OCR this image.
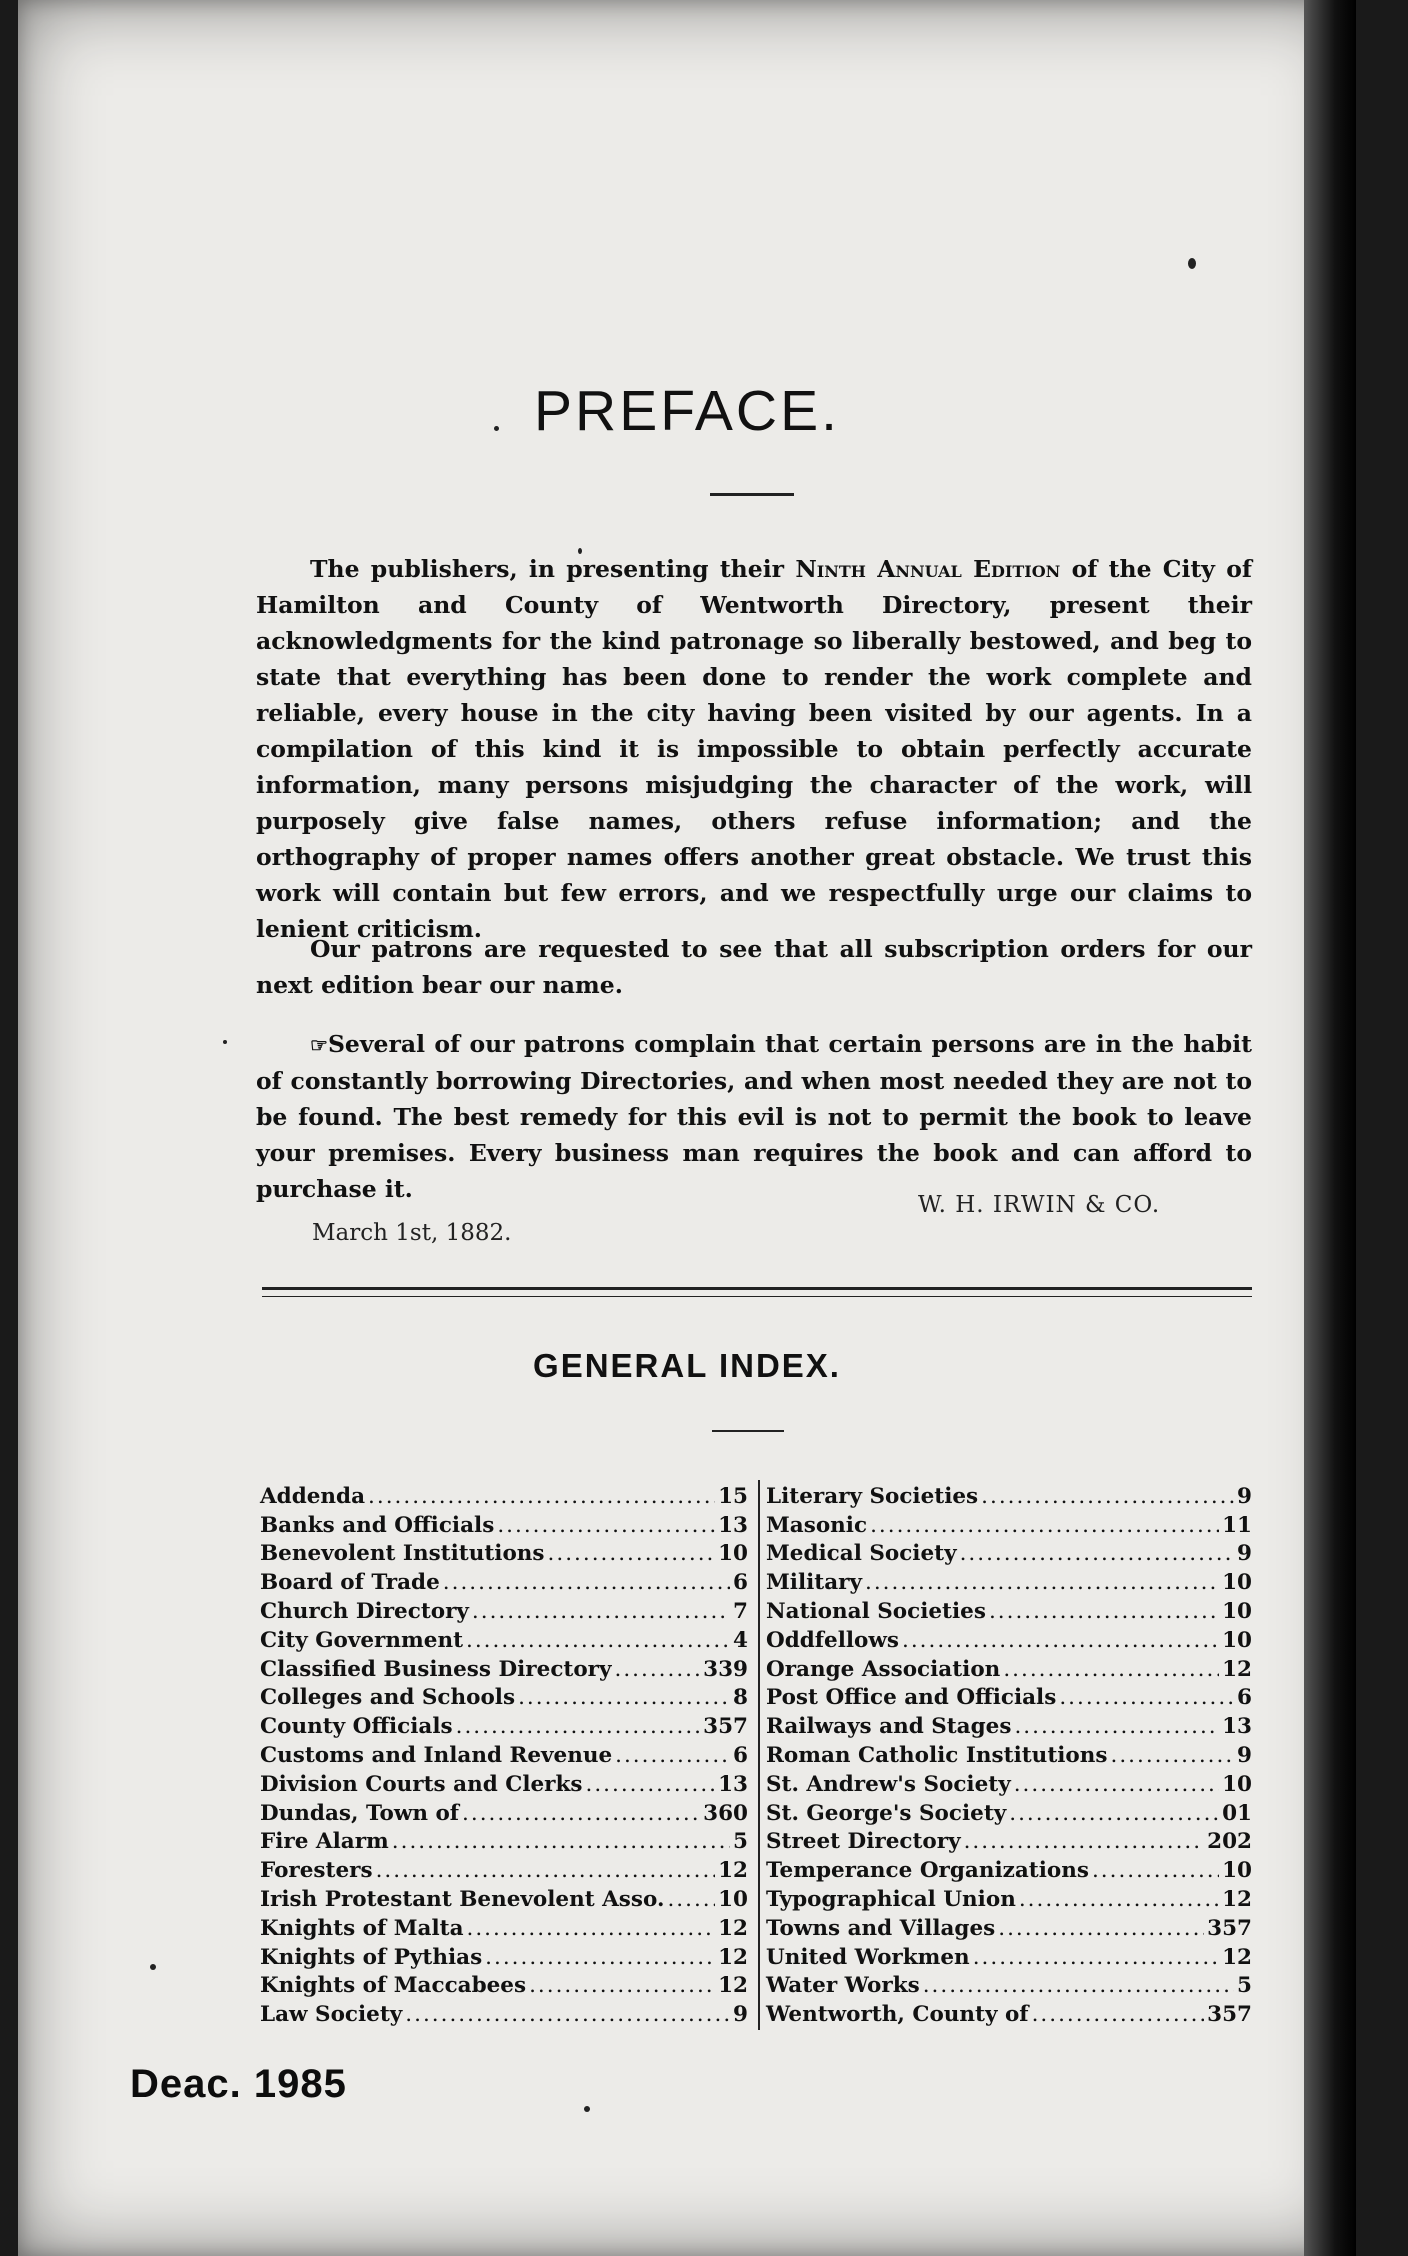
PREFACE.

The publishers, in presenting their Ninth Annual Edition of the City of Hamilton and County of Wentworth Directory, present their acknowledgments for the kind patronage so liberally bestowed, and beg to state that everything has been done to render the work complete and reliable, every house in the city having been visited by our agents. In a compilation of this kind it is impossible to obtain perfectly accurate information, many persons misjudging the character of the work, will purposely give false names, others refuse information; and the orthography of proper names offers another great obstacle. We trust this work will contain but few errors, and we respectfully urge our claims to lenient criticism.

Our patrons are requested to see that all subscription orders for our next edition bear our name.

☞Several of our patrons complain that certain persons are in the habit of constantly borrowing Directories, and when most needed they are not to be found. The best remedy for this evil is not to permit the book to leave your premises. Every business man requires the book and can afford to purchase it.

W. H. IRWIN & CO.
March 1st, 1882.
GENERAL INDEX.
Addenda .....	15
Banks and Officials .....	13
Benevolent Institutions .....	10
Board of Trade .....	6
Church Directory .....	7
City Government .....	4
Classified Business Directory .....	339
Colleges and Schools .....	8
County Officials .....	357
Customs and Inland Revenue .....	6
Division Courts and Clerks .....	13
Dundas, Town of .....	360
Fire Alarm .....	5
Foresters .....	12
Irish Protestant Benevolent Asso. ..... 10
Knights of Malta .....	12
Knights of Pythias .....	12
Knights of Maccabees .....	12
Law Society .....	9
Literary Societies .....	9
Masonic .....	11
Medical Society .....	9
Military .....	10
National Societies .....	10
Oddfellows .....	10
Orange Association .....	12
Post Office and Officials .....	6
Railways and Stages .....	13
Roman Catholic Institutions .....	9
St. Andrew's Society .....	10
St. George's Society .....	01
Street Directory .....	202
Temperance Organizations .....	10
Typographical Union .....	12
Towns and Villages .....	357
United Workmen .....	12
Water Works .....	5
Wentworth, County of .....	357
Deac. 1985
